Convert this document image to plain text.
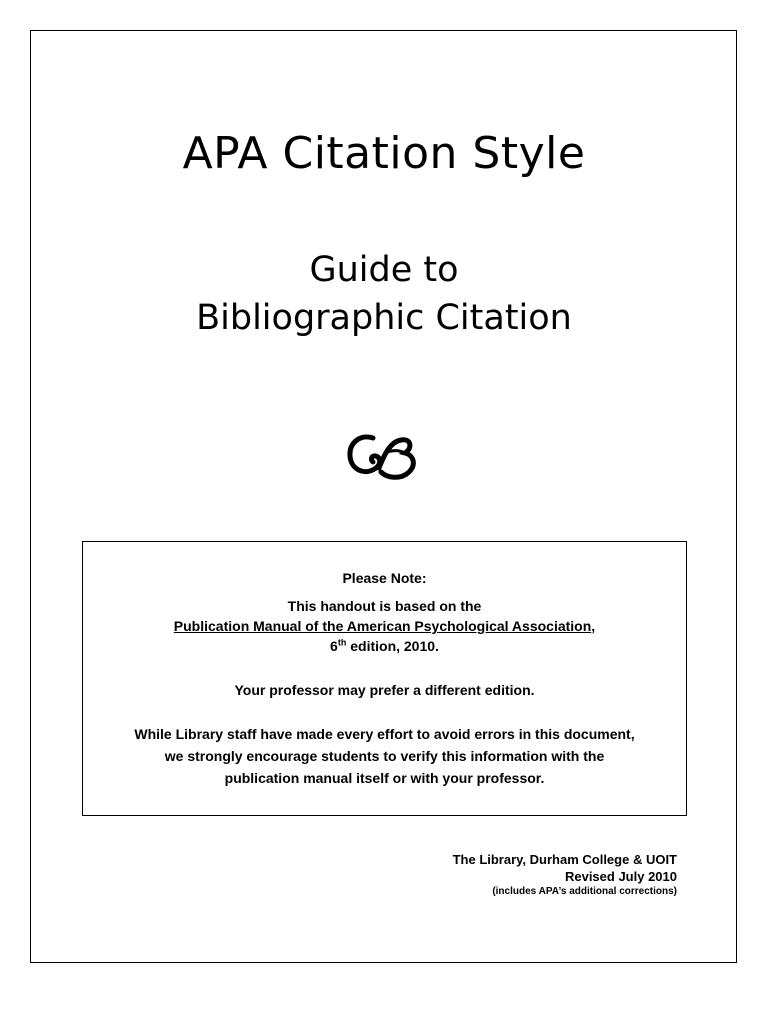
APA Citation Style
Guide to
Bibliographic Citation

Please Note:

This handout is based on the

Publication Manual of the American Psychological Association,

6th edition, 2010.

Your professor may prefer a different edition.

While Library staff have made every effort to avoid errors in this document,

we strongly encourage students to verify this information with the

publication manual itself or with your professor.

The Library, Durham College & UOIT
Revised July 2010
(includes APA’s additional corrections)
